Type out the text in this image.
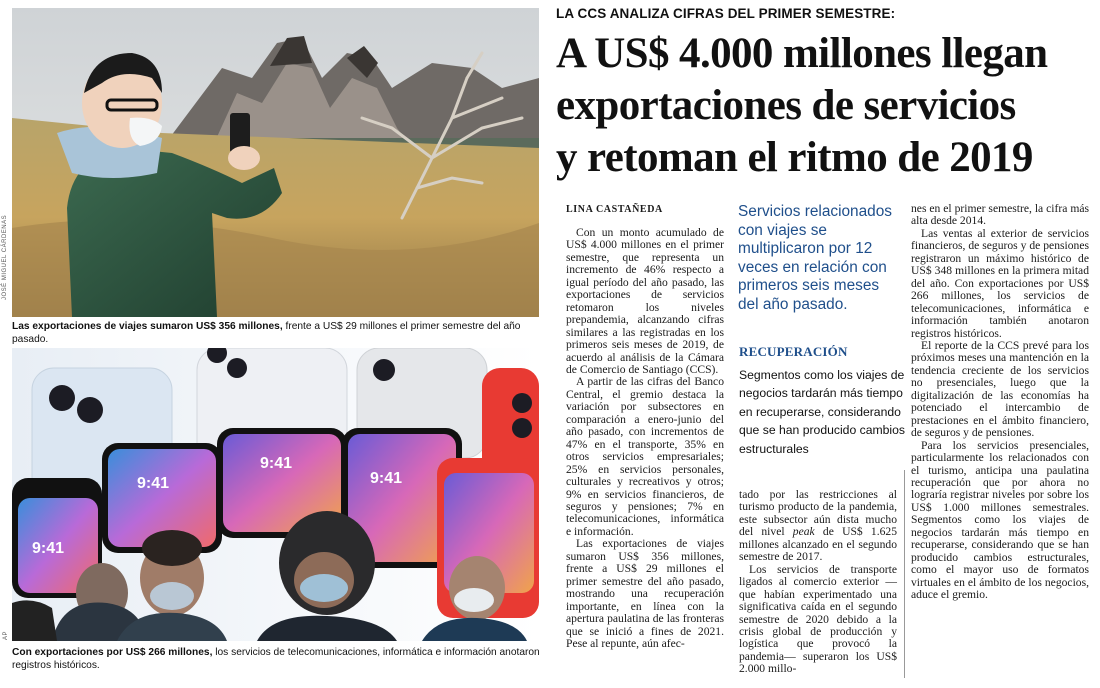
JOSÉ MIGUEL CÁRDENAS
Las exportaciones de viajes sumaron US$ 356 millones, frente a US$ 29 millones el primer semestre del año pasado.
9:41
9:41
9:41
9:41
AP
Con exportaciones por US$ 266 millones, los servicios de telecomunicaciones, informática e información anotaron registros históricos.
LA CCS ANALIZA CIFRAS DEL PRIMER SEMESTRE:
A US$ 4.000 millones llegan
exportaciones de servicios
y retoman el ritmo de 2019
LINA CASTAÑEDA

Con un monto acumulado de US$ 4.000 millones en el primer semestre, que representa un incremento de 46% respecto a igual período del año pasado, las exportaciones de servicios retomaron los niveles prepandemia, alcanzando cifras similares a las registradas en los primeros seis meses de 2019, de acuerdo al análisis de la Cámara de Comercio de Santiago (CCS).

A partir de las cifras del Banco Central, el gremio destaca la variación por subsectores en comparación a enero-junio del año pasado, con incrementos de 47% en el transporte, 35% en otros servicios empresariales; 25% en servicios personales, culturales y recreativos y otros; 9% en servicios financieros, de seguros y pensiones; 7% en telecomunicaciones, informática e información.

Las exportaciones de viajes sumaron US$ 356 millones, frente a US$ 29 millones el primer semestre del año pasado, mostrando una recuperación importante, en línea con la apertura paulatina de las fronteras que se inició a fines de 2021. Pese al repunte, aún afec-

Servicios relacionados con viajes se multiplicaron por 12 veces en relación con primeros seis meses del año pasado.
RECUPERACIÓN
Segmentos como los viajes de negocios tardarán más tiempo en recuperarse, considerando que se han producido cambios estructurales

tado por las restricciones al turismo producto de la pandemia, este subsector aún dista mucho del nivel peak de US$ 1.625 millones alcanzado en el segundo semestre de 2017.

Los servicios de transporte ligados al comercio exterior —que habían experimentado una significativa caída en el segundo semestre de 2020 debido a la crisis global de producción y logística que provocó la pandemia— superaron los US$ 2.000 millo-

nes en el primer semestre, la cifra más alta desde 2014.

Las ventas al exterior de servicios financieros, de seguros y de pensiones registraron un máximo histórico de US$ 348 millones en la primera mitad del año. Con exportaciones por US$ 266 millones, los servicios de telecomunicaciones, informática e información también anotaron registros históricos.

El reporte de la CCS prevé para los próximos meses una mantención en la tendencia creciente de los servicios no presenciales, luego que la digitalización de las economías ha potenciado el intercambio de prestaciones en el ámbito financiero, de seguros y de pensiones.

Para los servicios presenciales, particularmente los relacionados con el turismo, anticipa una paulatina recuperación que por ahora no lograría registrar niveles por sobre los US$ 1.000 millones semestrales. Segmentos como los viajes de negocios tardarán más tiempo en recuperarse, considerando que se han producido cambios estructurales, como el mayor uso de formatos virtuales en el ámbito de los negocios, aduce el gremio.
